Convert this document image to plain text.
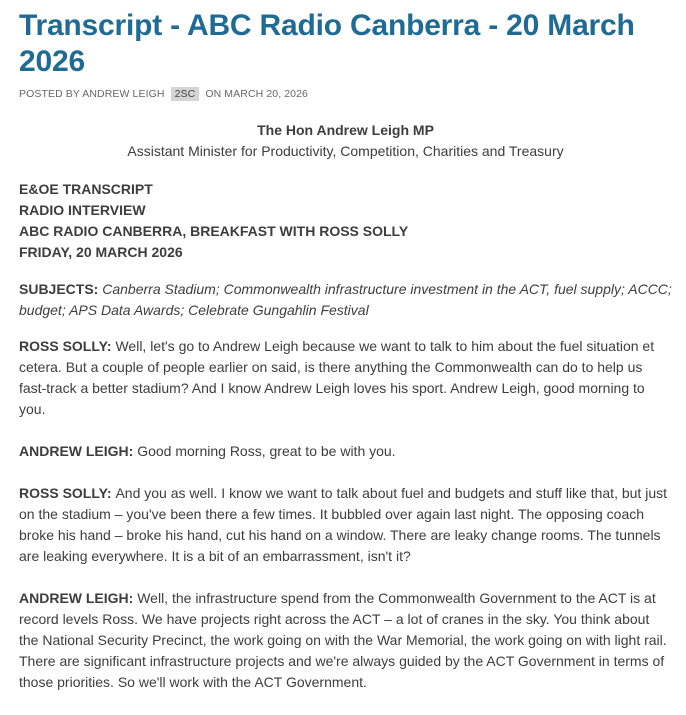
Transcript - ABC Radio Canberra - 20 March 2026
POSTED BY ANDREW LEIGH 2SC ON MARCH 20, 2026
The Hon Andrew Leigh MP
Assistant Minister for Productivity, Competition, Charities and Treasury
E&OE TRANSCRIPT
RADIO INTERVIEW
ABC RADIO CANBERRA, BREAKFAST WITH ROSS SOLLY
FRIDAY, 20 MARCH 2026

SUBJECTS: Canberra Stadium; Commonwealth infrastructure investment in the ACT, fuel supply; ACCC; budget; APS Data Awards; Celebrate Gungahlin Festival

ROSS SOLLY: Well, let's go to Andrew Leigh because we want to talk to him about the fuel situation et cetera. But a couple of people earlier on said, is there anything the Commonwealth can do to help us fast-track a better stadium? And I know Andrew Leigh loves his sport. Andrew Leigh, good morning to you.

ANDREW LEIGH: Good morning Ross, great to be with you.

ROSS SOLLY: And you as well. I know we want to talk about fuel and budgets and stuff like that, but just on the stadium – you've been there a few times. It bubbled over again last night. The opposing coach broke his hand – broke his hand, cut his hand on a window. There are leaky change rooms. The tunnels are leaking everywhere. It is a bit of an embarrassment, isn't it?

ANDREW LEIGH: Well, the infrastructure spend from the Commonwealth Government to the ACT is at record levels Ross. We have projects right across the ACT – a lot of cranes in the sky. You think about the National Security Precinct, the work going on with the War Memorial, the work going on with light rail. There are significant infrastructure projects and we're always guided by the ACT Government in terms of those priorities. So we'll work with the ACT Government.
